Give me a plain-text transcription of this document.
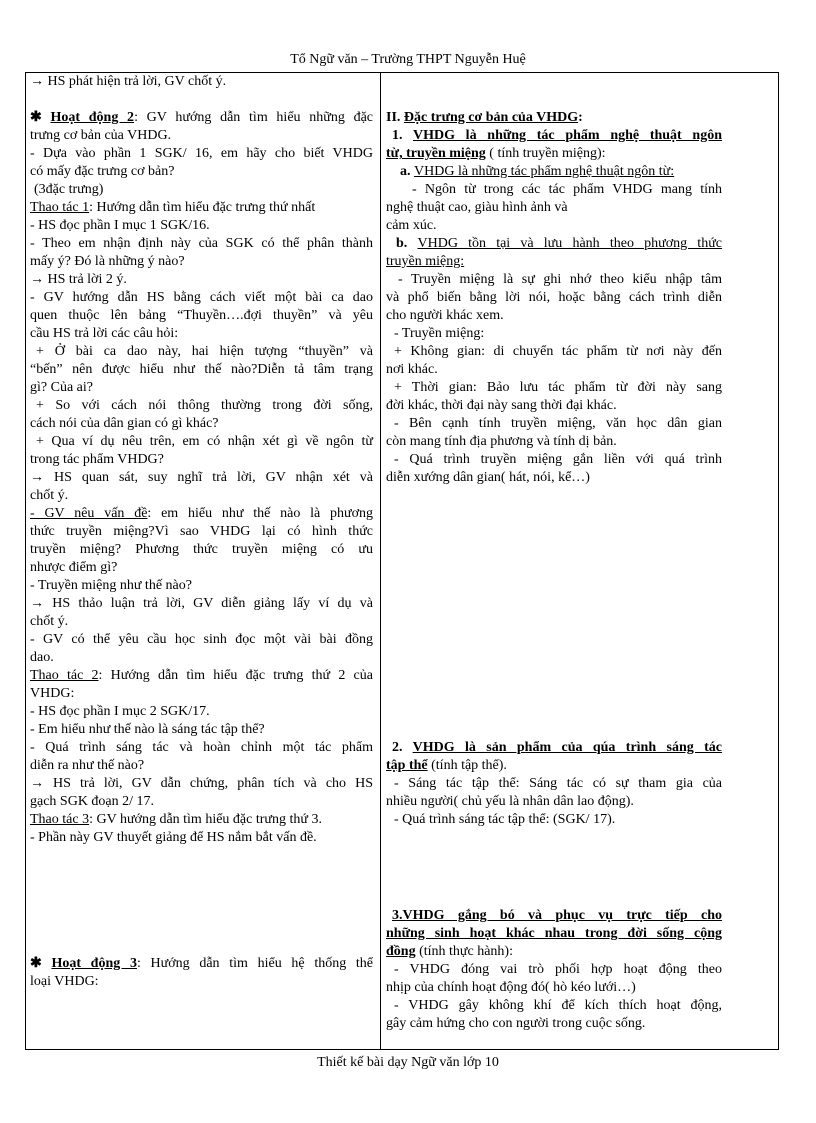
Tổ Ngữ văn – Trường THPT Nguyễn Huệ

→ HS phát hiện trả lời, GV chốt ý.

✱ Hoạt động 2: GV hướng dẫn tìm hiểu những đặc

trưng cơ bản của VHDG.

- Dựa vào phần 1 SGK/ 16, em hãy cho biết VHDG

có mấy đặc trưng cơ bản?

(3đặc trưng)

Thao tác 1: Hướng dẫn tìm hiểu đặc trưng thứ nhất

- HS đọc phần I mục 1 SGK/16.

- Theo em nhận định này của SGK có thể phân thành

mấy ý? Đó là những ý nào?

→ HS trả lời 2 ý.

- GV hướng dẫn HS bằng cách viết một bài ca dao

quen thuộc lên bảng “Thuyền….đợi thuyền” và yêu

cầu HS trả lời các câu hỏi:

+ Ở bài ca dao này, hai hiện tượng “thuyền” và

“bến” nên được hiểu như thế nào?Diễn tả tâm trạng

gì? Của ai?

+ So với cách nói thông thường trong đời sống,

cách nói của dân gian có gì khác?

+ Qua ví dụ nêu trên, em có nhận xét gì về ngôn từ

trong tác phẩm VHDG?

→ HS quan sát, suy nghĩ trả lời, GV nhận xét và

chốt ý.

- GV nêu vấn đề: em hiểu như thế nào là phương

thức truyền miệng?Vì sao VHDG lại có hình thức

truyền miệng? Phương thức truyền miệng có ưu

nhược điểm gì?

- Truyền miệng như thế nào?

→ HS thảo luận trả lời, GV diễn giảng lấy ví dụ và

chốt ý.

- GV có thể yêu cầu học sinh đọc một vài bài đồng

dao.

Thao tác 2: Hướng dẫn tìm hiểu đặc trưng thứ 2 của

VHDG:

- HS đọc phần I mục 2 SGK/17.

- Em hiểu như thế nào là sáng tác tập thể?

- Quá trình sáng tác và hoàn chỉnh một tác phẩm

diễn ra như thế nào?

→ HS trả lời, GV dẫn chứng, phân tích và cho HS

gạch SGK đoạn 2/ 17.

Thao tác 3: GV hướng dẫn tìm hiểu đặc trưng thứ 3.

- Phần này GV thuyết giảng để HS nắm bắt vấn đề.

✱ Hoạt động 3: Hướng dẫn tìm hiểu hệ thống thể

loại VHDG:

II. Đặc trưng cơ bản của VHDG:

1. VHDG là những tác phẩm nghệ thuật ngôn

từ, truyền miệng ( tính truyền miệng):

a. VHDG là những tác phẩm nghệ thuật ngôn từ:

- Ngôn từ trong các tác phẩm VHDG mang tính

nghệ thuật cao, giàu hình ảnh và

cảm xúc.

b. VHDG tồn tại và lưu hành theo phương thức

truyền miệng:

- Truyền miệng là sự ghi nhớ theo kiểu nhập tâm

và phổ biến bằng lời nói, hoặc bằng cách trình diễn

cho người khác xem.

- Truyền miệng:

+ Không gian: di chuyển tác phẩm từ nơi này đến

nơi khác.

+ Thời gian: Bảo lưu tác phẩm từ đời này sang

đời khác, thời đại này sang thời đại khác.

- Bên cạnh tính truyền miệng, văn học dân gian

còn mang tính địa phương và tính dị bản.

- Quá trình truyền miệng gắn liền với quá trình

diễn xướng dân gian( hát, nói, kể…)

2. VHDG là sản phẩm của qúa trình sáng tác

tập thể (tính tập thể).

- Sáng tác tập thể: Sáng tác có sự tham gia của

nhiều người( chủ yếu là nhân dân lao động).

- Quá trình sáng tác tập thể: (SGK/ 17).

3.VHDG gắng bó và phục vụ trực tiếp cho

những sinh hoạt khác nhau trong đời sống cộng

đồng (tính thực hành):

- VHDG đóng vai trò phối hợp hoạt động theo

nhịp của chính hoạt động đó( hò kéo lưới…)

- VHDG gây không khí để kích thích hoạt động,

gây cảm hứng cho con người trong cuộc sống.

Thiết kế bài dạy Ngữ văn lớp 10
